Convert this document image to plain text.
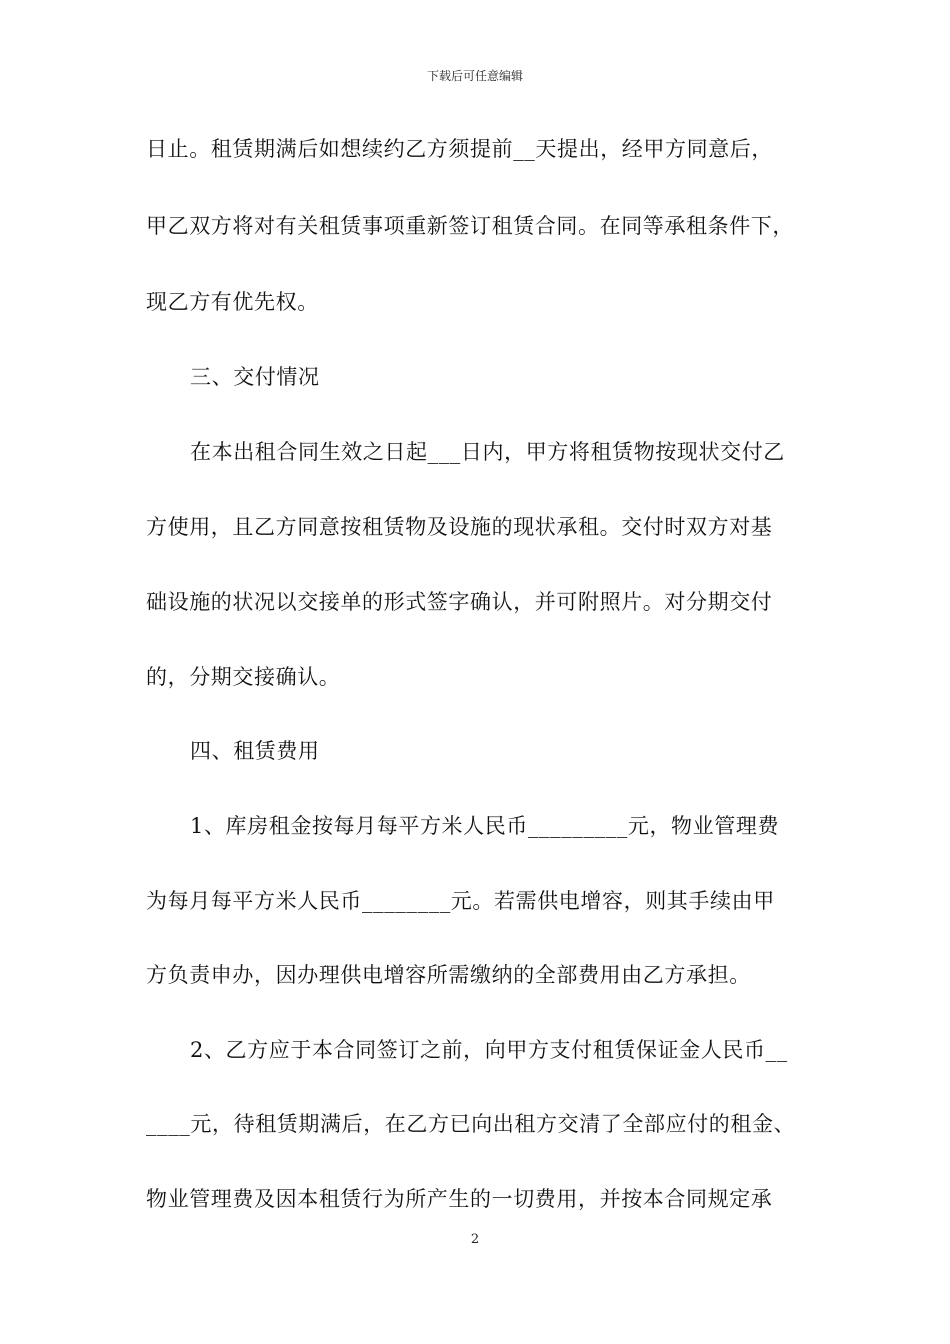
下载后可任意编辑
日止。租赁期满后如想续约乙方须提前__天提出，经甲方同意后，
甲乙双方将对有关租赁事项重新签订租赁合同。在同等承租条件下，
现乙方有优先权。
三、交付情况
在本出租合同生效之日起___日内，甲方将租赁物按现状交付乙
方使用，且乙方同意按租赁物及设施的现状承租。交付时双方对基
础设施的状况以交接单的形式签字确认，并可附照片。对分期交付
的，分期交接确认。
四、租赁费用
1、库房租金按每月每平方米人民币_________元，物业管理费
为每月每平方米人民币________元。若需供电增容，则其手续由甲
方负责申办，因办理供电增容所需缴纳的全部费用由乙方承担。
2、乙方应于本合同签订之前，向甲方支付租赁保证金人民币__
____元，待租赁期满后，在乙方已向出租方交清了全部应付的租金、
物业管理费及因本租赁行为所产生的一切费用，并按本合同规定承
2
